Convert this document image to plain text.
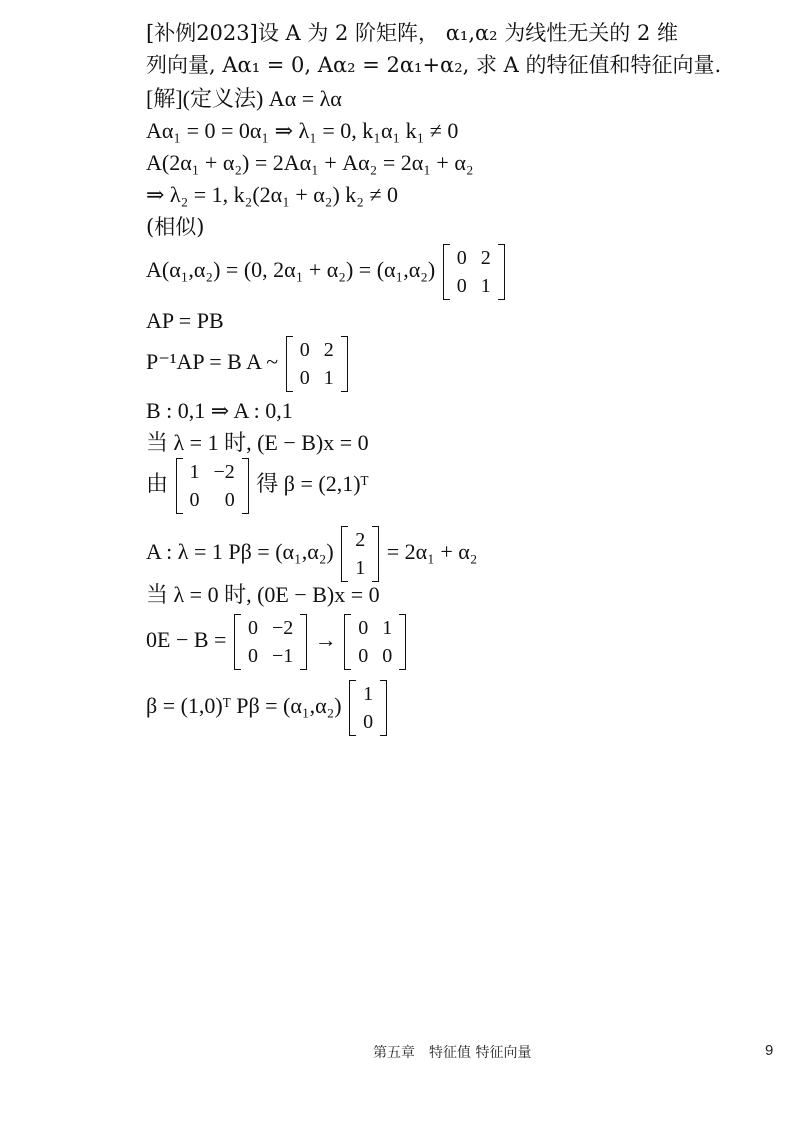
[补例2023]设 A 为 2 阶矩阵， α₁,α₂ 为线性无关的 2 维
列向量, Aα₁ = 0, Aα₂ = 2α₁+α₂, 求 A 的特征值和特征向量.
[解](定义法) Aα = λα
Aα₁ = 0 = 0α₁ ⇒ λ₁ = 0, k₁α₁ k₁ ≠ 0
A(2α₁ + α₂) = 2Aα₁ + Aα₂ = 2α₁ + α₂
⇒ λ₂ = 1, k₂(2α₁ + α₂) k₂ ≠ 0
(相似)
A(α₁,α₂) = (0, 2α₁ + α₂) = (α₁,α₂) 0	2
0	1
AP = PB
P⁻¹AP = B A ~ 0	2
0	1
B : 0,1 ⇒ A : 0,1
当 λ = 1 时, (E − B)x = 0
由 1	−2
0	0
得 β = (2,1)ᵀ
A : λ = 1 Pβ = (α₁,α₂) 2
1
= 2α₁ + α₂
当 λ = 0 时, (0E − B)x = 0
0E − B = 0	−2
0	−1
→ 0	1
0	0
β = (1,0)ᵀ Pβ = (α₁,α₂) 1
0
第五章　特征值 特征向量	9
